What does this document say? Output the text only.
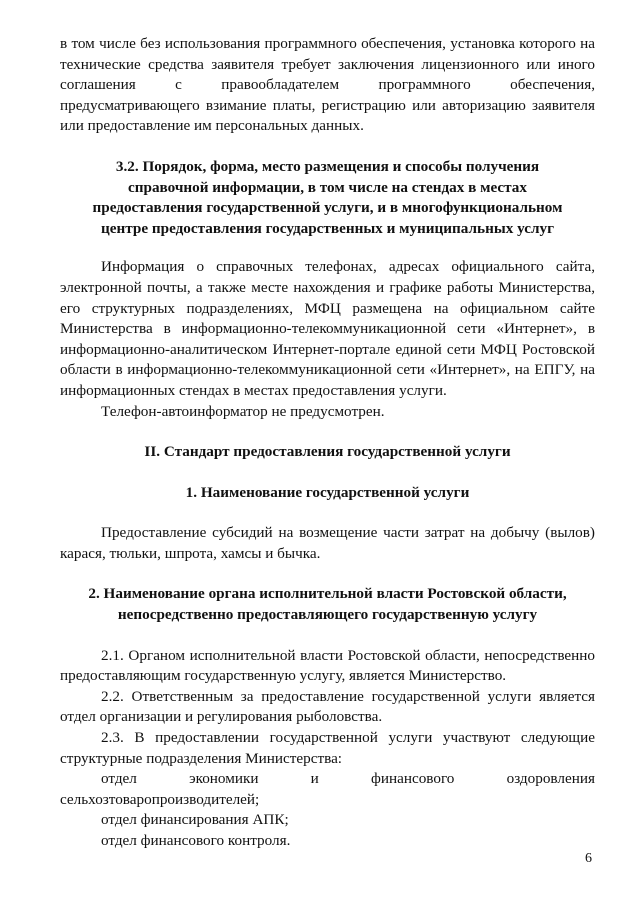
в том числе без использования программного обеспечения, установка которого на технические средства заявителя требует заключения лицензионного или иного соглашения с правообладателем программного обеспечения, предусматривающего взимание платы, регистрацию или авторизацию заявителя или предоставление им персональных данных.

3.2. Порядок, форма, место размещения и способы получения справочной информации, в том числе на стендах в местах предоставления государственной услуги, и в многофункциональном центре предоставления государственных и муниципальных услуг

Информация о справочных телефонах, адресах официального сайта, электронной почты, а также месте нахождения и графике работы Министерства, его структурных подразделениях, МФЦ размещена на официальном сайте Министерства в информационно-телекоммуникационной сети «Интернет», в информационно-аналитическом Интернет-портале единой сети МФЦ Ростовской области в информационно-телекоммуникационной сети «Интернет», на ЕПГУ, на информационных стендах в местах предоставления услуги.

Телефон-автоинформатор не предусмотрен.

II. Стандарт предоставления государственной услуги

1. Наименование государственной услуги

Предоставление субсидий на возмещение части затрат на добычу (вылов) карася, тюльки, шпрота, хамсы и бычка.

2. Наименование органа исполнительной власти Ростовской области, непосредственно предоставляющего государственную услугу

2.1. Органом исполнительной власти Ростовской области, непосредственно предоставляющим государственную услугу, является Министерство.

2.2. Ответственным за предоставление государственной услуги является отдел организации и регулирования рыболовства.

2.3. В предоставлении государственной услуги участвуют следующие структурные подразделения Министерства:

отдел	экономики	и	финансового	оздоровления

сельхозтоваропроизводителей;

отдел финансирования АПК;

отдел финансового контроля.

6
